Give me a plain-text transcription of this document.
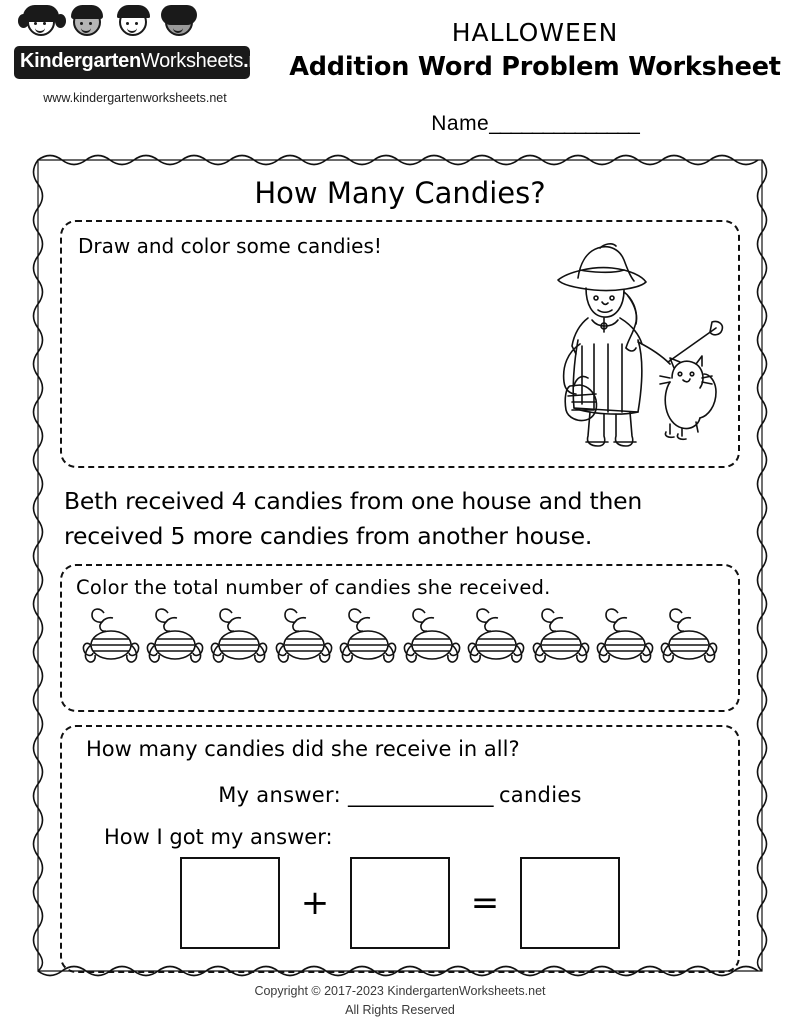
KindergartenWorksheets.net
www.kindergartenworksheets.net
HALLOWEEN
Addition Word Problem Worksheet
Name______________
How Many Candies?
Draw and color some candies!
Beth received 4 candies from one house and then received 5 more candies from another house.
Color the total number of candies she received.
How many candies did she receive in all?
My answer: ________________ candies
How I got my answer:
+	=
Copyright © 2017-2023 KindergartenWorksheets.net
All Rights Reserved
